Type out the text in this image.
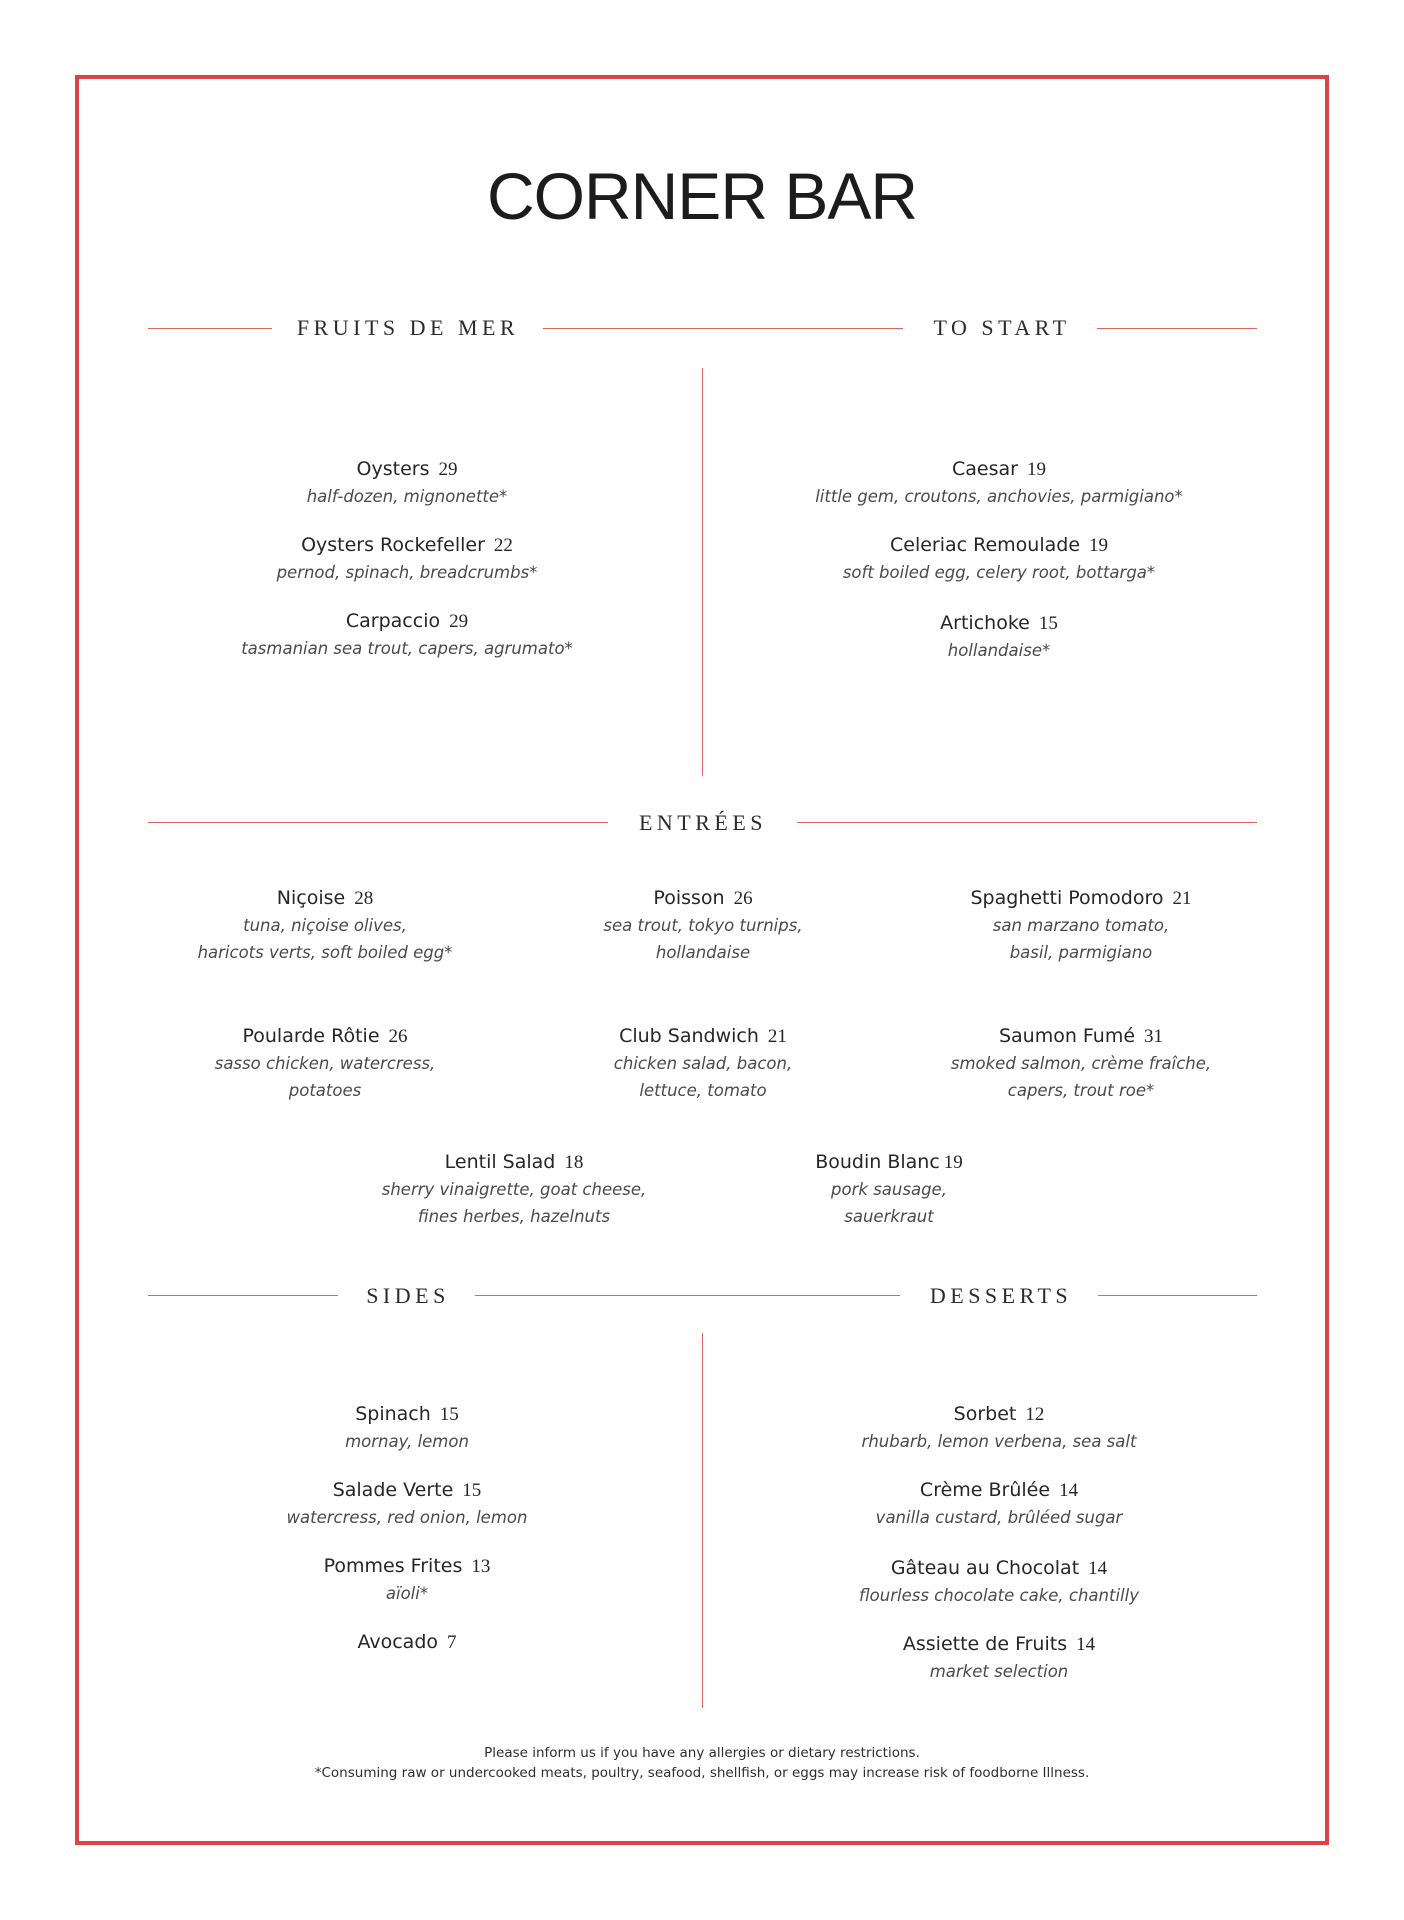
CORNER BAR
FRUITS DE MER	TO START
Oysters 29
half-dozen, mignonette*
Oysters Rockefeller 22
pernod, spinach, breadcrumbs*
Carpaccio 29
tasmanian sea trout, capers, agrumato*
Caesar 19
little gem, croutons, anchovies, parmigiano*
Celeriac Remoulade 19
soft boiled egg, celery root, bottarga*
Artichoke 15
hollandaise*
ENTRÉES
Niçoise 28
tuna, niçoise olives,
haricots verts, soft boiled egg*
Poisson 26
sea trout, tokyo turnips,
hollandaise
Spaghetti Pomodoro 21
san marzano tomato,
basil, parmigiano
Poularde Rôtie 26
sasso chicken, watercress,
potatoes
Club Sandwich 21
chicken salad, bacon,
lettuce, tomato
Saumon Fumé 31
smoked salmon, crème fraîche,
capers, trout roe*
Lentil Salad 18
sherry vinaigrette, goat cheese,
fines herbes, hazelnuts
Boudin Blanc 19
pork sausage,
sauerkraut
SIDES	DESSERTS
Spinach 15
mornay, lemon
Salade Verte 15
watercress, red onion, lemon
Pommes Frites 13
aïoli*
Avocado 7
Sorbet 12
rhubarb, lemon verbena, sea salt
Crème Brûlée 14
vanilla custard, brûléed sugar
Gâteau au Chocolat 14
flourless chocolate cake, chantilly
Assiette de Fruits 14
market selection
Please inform us if you have any allergies or dietary restrictions.
*Consuming raw or undercooked meats, poultry, seafood, shellfish, or eggs may increase risk of foodborne Illness.
